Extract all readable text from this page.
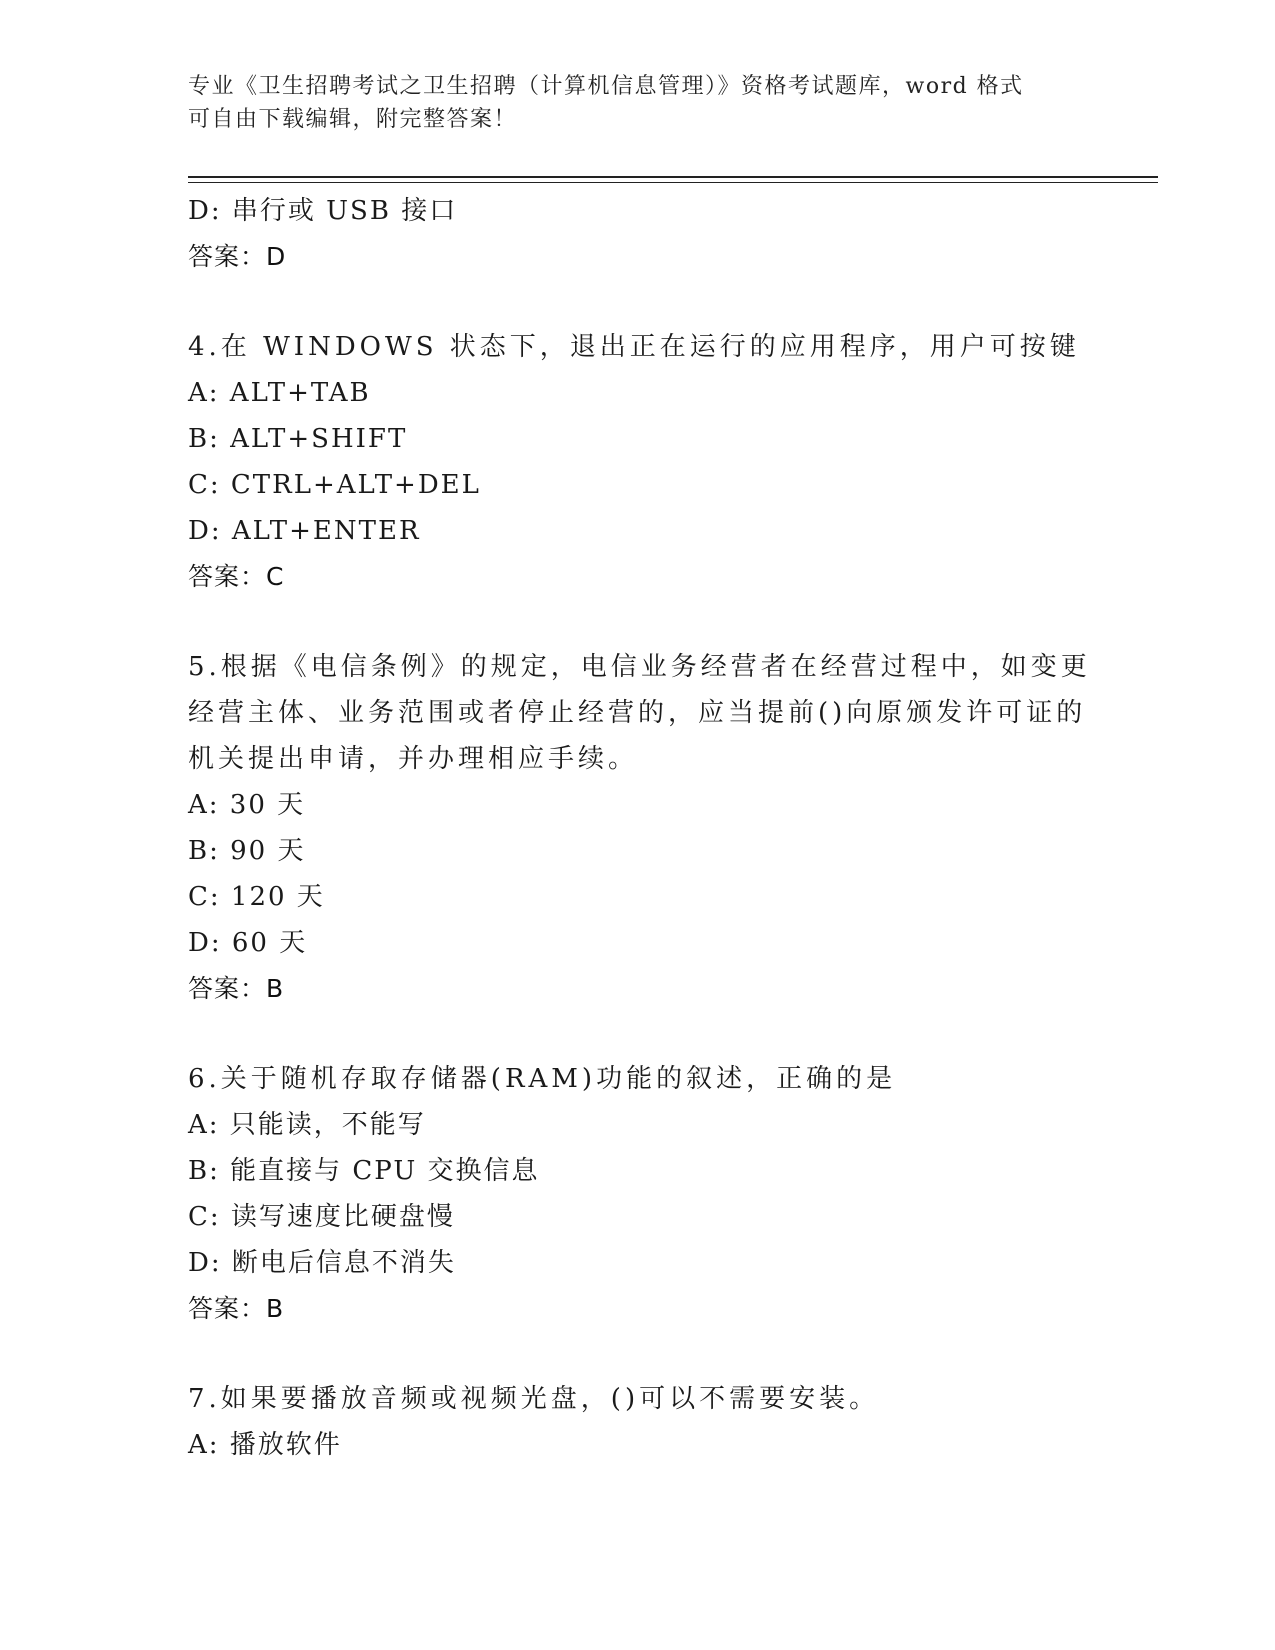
专业《卫生招聘考试之卫生招聘（计算机信息管理）》资格考试题库，word 格式
可自由下载编辑，附完整答案！
D: 串行或 USB 接口
答案：D
4.在 WINDOWS 状态下，退出正在运行的应用程序，用户可按键
A: ALT+TAB
B: ALT+SHIFT
C: CTRL+ALT+DEL
D: ALT+ENTER
答案：C
5.根据《电信条例》的规定，电信业务经营者在经营过程中，如变更
经营主体、业务范围或者停止经营的，应当提前()向原颁发许可证的
机关提出申请，并办理相应手续。
A: 30 天
B: 90 天
C: 120 天
D: 60 天
答案：B
6.关于随机存取存储器(RAM)功能的叙述，正确的是
A: 只能读，不能写
B: 能直接与 CPU 交换信息
C: 读写速度比硬盘慢
D: 断电后信息不消失
答案：B
7.如果要播放音频或视频光盘，()可以不需要安装。
A: 播放软件
